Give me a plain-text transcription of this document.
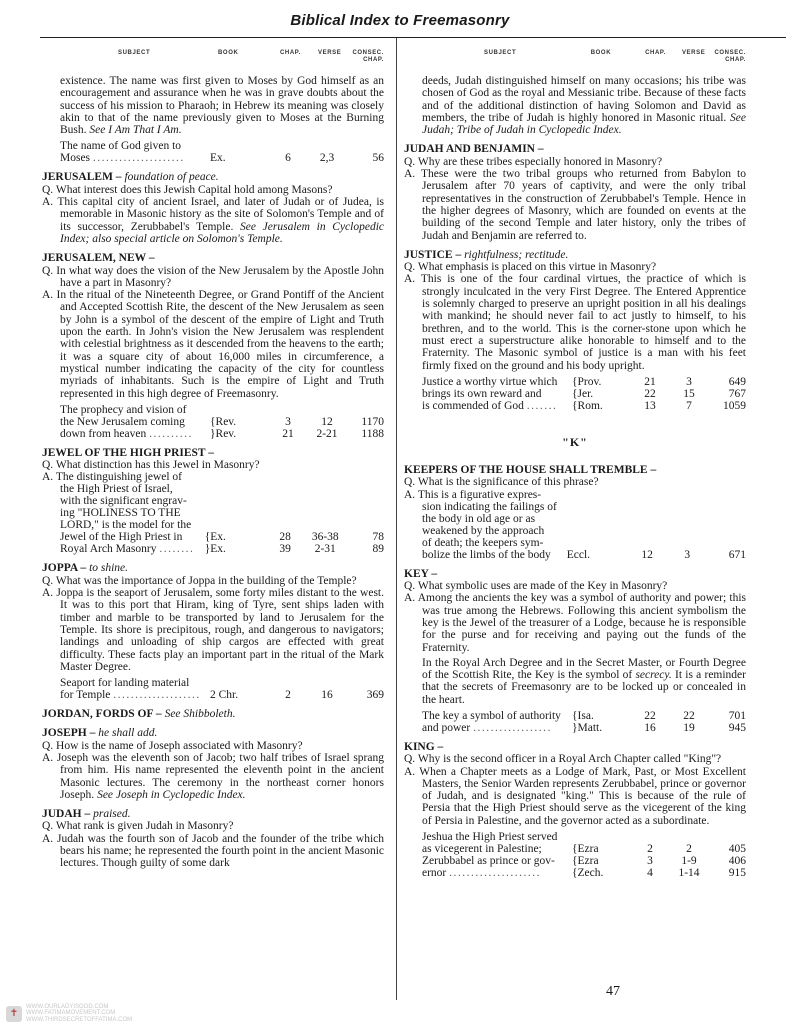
Biblical Index to Freemasonry
SUBJECT	BOOK	CHAP.	VERSE	CONSEC. CHAP.

existence. The name was first given to Moses by God himself as an encouragement and assurance when he was in grave doubts about the success of his mission to Pharaoh; in Hebrew its meaning was closely akin to that of the name previously given to Moses at the Burning Bush. See I Am That I Am.

The name of God given to
Moses .....................	Ex.	6	2,3	56
JERUSALEM – foundation of peace.

Q. What interest does this Jewish Capital hold among Masons?

A. This capital city of ancient Israel, and later of Judah or of Judea, is memorable in Masonic history as the site of Solomon's Temple and of its successor, Zerubbabel's Temple. See Jerusalem in Cyclopedic Index; also special article on Solomon's Temple.

JERUSALEM, NEW –

Q. In what way does the vision of the New Jerusalem by the Apostle John have a part in Masonry?

A. In the ritual of the Nineteenth Degree, or Grand Pontiff of the Ancient and Accepted Scottish Rite, the descent of the New Jerusalem as seen by John is a symbol of the descent of the empire of Light and Truth upon the earth. In John's vision the New Jerusalem was resplendent with celestial brightness as it descended from the heavens to the earth; it was a square city of about 16,000 miles in circumference, a mystical number indicating the capacity of the city for countless myriads of inhabitants. Such is the empire of Light and Truth represented in this high degree of Freemasonry.

The prophecy and vision of				
the New Jerusalem coming	{Rev.	3	12	1170
down from heaven ..........	}Rev.	21	2-21	1188
JEWEL OF THE HIGH PRIEST –

Q. What distinction has this Jewel in Masonry?

A. The distinguishing jewel of				
the High Priest of Israel,				
with the significant engrav-				
ing "HOLINESS TO THE				
LORD," is the model for the				
Jewel of the High Priest in	{Ex.	28	36-38	78
Royal Arch Masonry ........	}Ex.	39	2-31	89
JOPPA – to shine.

Q. What was the importance of Joppa in the building of the Temple?

A. Joppa is the seaport of Jerusalem, some forty miles distant to the west. It was to this port that Hiram, king of Tyre, sent ships laden with timber and marble to be transported by land to Jerusalem for the Temple. Its shore is precipitous, rough, and dangerous to navigators; landings and unloading of ship cargos are effected with great difficulty. These facts play an important part in the ritual of the Mark Master Degree.

Seaport for landing material
for Temple ....................	2 Chr.	2	16	369
JORDAN, FORDS OF – See Shibboleth.
JOSEPH – he shall add.

Q. How is the name of Joseph associated with Masonry?

A. Joseph was the eleventh son of Jacob; two half tribes of Israel sprang from him. His name represented the eleventh point in the ancient Masonic lectures. The ceremony in the northeast corner honors Joseph. See Joseph in Cyclopedic Index.

JUDAH – praised.

Q. What rank is given Judah in Masonry?

A. Judah was the fourth son of Jacob and the founder of the tribe which bears his name; he represented the fourth point in the ancient Masonic lectures. Though guilty of some dark

SUBJECT	BOOK	CHAP.	VERSE	CONSEC. CHAP.

deeds, Judah distinguished himself on many occasions; his tribe was chosen of God as the royal and Messianic tribe. Because of these facts and of the additional distinction of having Solomon and David as members, the tribe of Judah is highly honored in Masonic ritual. See Judah; Tribe of Judah in Cyclopedic Index.

JUDAH AND BENJAMIN –

Q. Why are these tribes especially honored in Masonry?

A. These were the two tribal groups who returned from Babylon to Jerusalem after 70 years of captivity, and were the only tribal representatives in the construction of Zerubbabel's Temple. Hence in the higher degrees of Masonry, which are founded on events at the building of the second Temple and later history, only the tribes of Judah and Benjamin are referred to.

JUSTICE – rightfulness; rectitude.

Q. What emphasis is placed on this virtue in Masonry?

A. This is one of the four cardinal virtues, the practice of which is strongly inculcated in the very First Degree. The Entered Apprentice is solemnly charged to preserve an upright position in all his dealings with mankind; he should never fail to act justly to himself, to his brethren, and to the world. This is the corner-stone upon which he must erect a superstructure alike honorable to himself and to the Fraternity. The Masonic symbol of justice is a man with his feet firmly fixed on the ground and his body upright.

Justice a worthy virtue which	{Prov.	21	3	649
brings its own reward and	{Jer.	22	15	767
is commended of God .......	{Rom.	13	7	1059
"K"
KEEPERS OF THE HOUSE SHALL TREMBLE –

Q. What is the significance of this phrase?

A. This is a figurative expres-
sion indicating the failings of
the body in old age or as
weakened by the approach
of death; the keepers sym-
bolize the limbs of the body	Eccl.	12	3	671
KEY –

Q. What symbolic uses are made of the Key in Masonry?

A. Among the ancients the key was a symbol of authority and power; this was true among the Hebrews. Following this ancient symbolism the key is the Jewel of the treasurer of a Lodge, because he is responsible for the purse and for receiving and paying out the funds of the Fraternity.

In the Royal Arch Degree and in the Secret Master, or Fourth Degree of the Scottish Rite, the Key is the symbol of secrecy. It is a reminder that the secrets of Freemasonry are to be locked up or concealed in the heart.

The key a symbol of authority	{Isa.	22	22	701
and power ..................	}Matt.	16	19	945
KING –

Q. Why is the second officer in a Royal Arch Chapter called "King"?

A. When a Chapter meets as a Lodge of Mark, Past, or Most Excellent Masters, the Senior Warden represents Zerubbabel, prince or governor of Judah, and is designated "king." This is because of the rule of Persia that the High Priest should serve as the vicegerent of the king of Persia in Palestine, and the governor acted as a subordinate.

Jeshua the High Priest served				
as vicegerent in Palestine;	{Ezra	2	2	405
Zerubbabel as prince or gov-	{Ezra	3	1-9	406
ernor .....................	{Zech.	4	1-14	915
47
✝
WWW.OURLADYISGOD.COM
WWW.FATIMAMOVEMENT.COM
WWW.THIRDSECRETOFFATIMA.COM
